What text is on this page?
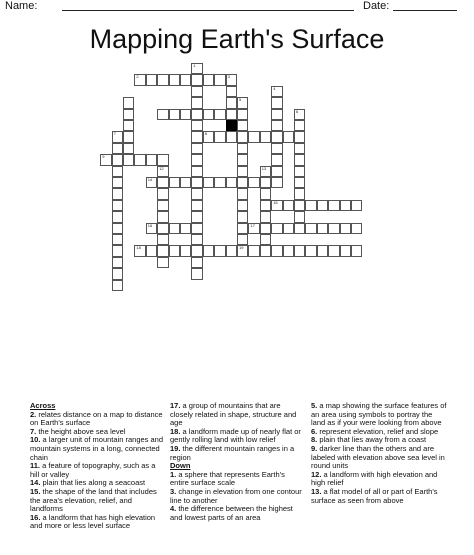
Name:	Date:
Mapping Earth's Surface
1
2	3
4
5
6
7	8
9
12	13
14
15
16	17
18	19
Across

2. relates distance on a map to distance on Earth's surface

7. the height above sea level

10. a larger unit of mountain ranges and mountain systems in a long, connected chain

11. a feature of topography, such as a hill or valley

14. plain that lies along a seacoast

15. the shape of the land that includes the area's elevation, relief, and landforms

16. a landform that has high elevation and more or less level surface

17. a group of mountains that are closely related in shape, structure and age

18. a landform made up of nearly flat or gently rolling land with low relief

19. the different mountain ranges in a region

Down

1. a sphere that represents Earth's entire surface scale

3. change in elevation from one contour line to another

4. the difference between the highest and lowest parts of an area

5. a map showing the surface features of an area using symbols to portray the land as if your were looking from above

6. represent elevation, relief and slope

8. plain that lies away from a coast

9. darker line than the others and are labeled with elevation above sea level in round units

12. a landform with high elevation and high relief

13. a flat model of all or part of Earth's surface as seen from above
